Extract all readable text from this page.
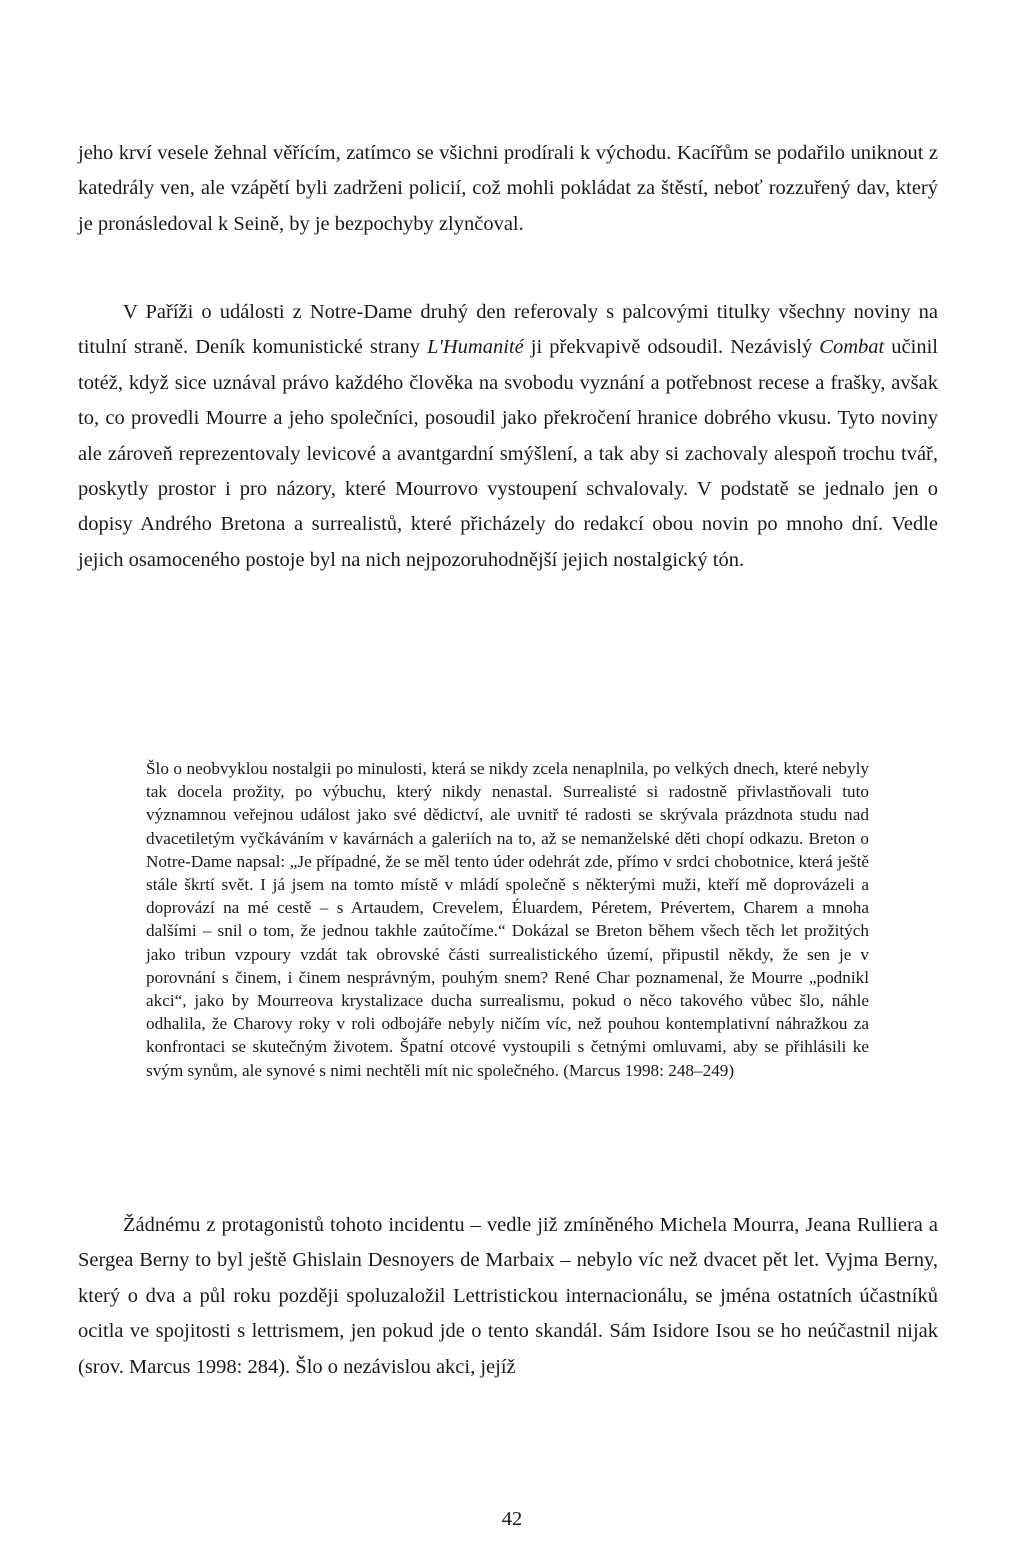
jeho krví vesele žehnal věřícím, zatímco se všichni prodírali k východu. Kacířům se podařilo uniknout z katedrály ven, ale vzápětí byli zadrženi policií, což mohli pokládat za štěstí, neboť rozzuřený dav, který je pronásledoval k Seině, by je bezpochyby zlynčoval.

V Paříži o události z Notre-Dame druhý den referovaly s palcovými titulky všechny noviny na titulní straně. Deník komunistické strany L'Humanité ji překvapivě odsoudil. Nezávislý Combat učinil totéž, když sice uznával právo každého člověka na svobodu vyznání a potřebnost recese a frašky, avšak to, co provedli Mourre a jeho společníci, posoudil jako překročení hranice dobrého vkusu. Tyto noviny ale zároveň reprezentovaly levicové a avantgardní smýšlení, a tak aby si zachovaly alespoň trochu tvář, poskytly prostor i pro názory, které Mourrovo vystoupení schvalovaly. V podstatě se jednalo jen o dopisy Andrého Bretona a surrealistů, které přicházely do redakcí obou novin po mnoho dní. Vedle jejich osamoceného postoje byl na nich nejpozoruhodnější jejich nostalgický tón.

Šlo o neobvyklou nostalgii po minulosti, která se nikdy zcela nenaplnila, po velkých dnech, které nebyly tak docela prožity, po výbuchu, který nikdy nenastal. Surrealisté si radostně přivlastňovali tuto významnou veřejnou událost jako své dědictví, ale uvnitř té radosti se skrývala prázdnota studu nad dvacetiletým vyčkáváním v kavárnách a galeriích na to, až se nemanželské děti chopí odkazu. Breton o Notre-Dame napsal: „Je případné, že se měl tento úder odehrát zde, přímo v srdci chobotnice, která ještě stále škrtí svět. I já jsem na tomto místě v mládí společně s některými muži, kteří mě doprovázeli a doprovází na mé cestě – s Artaudem, Crevelem, Éluardem, Péretem, Prévertem, Charem a mnoha dalšími – snil o tom, že jednou takhle zaútočíme.“ Dokázal se Breton během všech těch let prožitých jako tribun vzpoury vzdát tak obrovské části surrealistického území, připustil někdy, že sen je v porovnání s činem, i činem nesprávným, pouhým snem? René Char poznamenal, že Mourre „podnikl akci“, jako by Mourreova krystalizace ducha surrealismu, pokud o něco takového vůbec šlo, náhle odhalila, že Charovy roky v roli odbojáře nebyly ničím víc, než pouhou kontemplativní náhražkou za konfrontaci se skutečným životem. Špatní otcové vystoupili s četnými omluvami, aby se přihlásili ke svým synům, ale synové s nimi nechtěli mít nic společného. (Marcus 1998: 248–249)

Žádnému z protagonistů tohoto incidentu – vedle již zmíněného Michela Mourra, Jeana Rulliera a Sergea Berny to byl ještě Ghislain Desnoyers de Marbaix – nebylo víc než dvacet pět let. Vyjma Berny, který o dva a půl roku později spoluzaložil Lettristickou internacionálu, se jména ostatních účastníků ocitla ve spojitosti s lettrismem, jen pokud jde o tento skandál. Sám Isidore Isou se ho neúčastnil nijak (srov. Marcus 1998: 284). Šlo o nezávislou akci, jejíž

42
